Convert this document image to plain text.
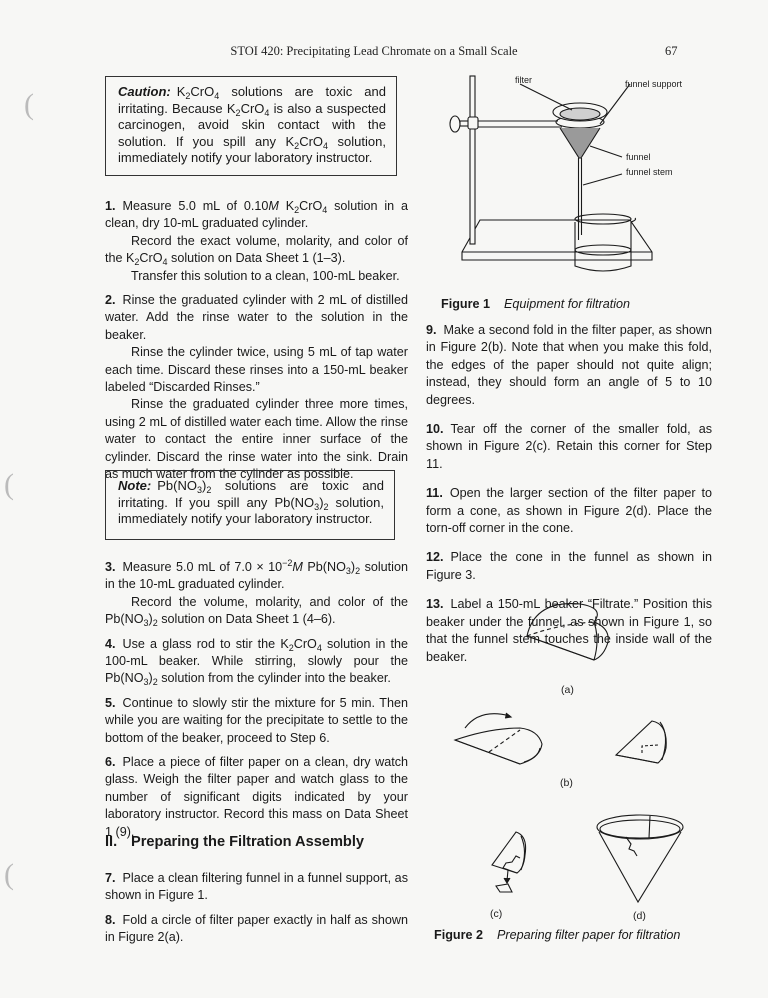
STOI 420: Precipitating Lead Chromate on a Small Scale	67
(
(
(
Caution: $K_2CrO_4$ solutions are toxic and irritating. Because $K_2CrO_4$ is also a suspected carcinogen, avoid skin contact with the solution. If you spill any $K_2CrO_4$ solution, immediately notify your laboratory instructor.

1. Measure 5.0 mL of 0.10M $K_2CrO_4$ solution in a clean, dry 10-mL graduated cylinder.

Record the exact volume, molarity, and color of the $K_2CrO_4$ solution on Data Sheet 1 (1–3).

Transfer this solution to a clean, 100-mL beaker.

2. Rinse the graduated cylinder with 2 mL of distilled water. Add the rinse water to the solution in the beaker.

Rinse the cylinder twice, using 5 mL of tap water each time. Discard these rinses into a 150-mL beaker labeled “Discarded Rinses.”

Rinse the graduated cylinder three more times, using 2 mL of distilled water each time. Allow the rinse water to contact the entire inner surface of the cylinder. Discard the rinse water into the sink. Drain as much water from the cylinder as possible.

Note: $Pb(NO_3)_2$ solutions are toxic and irritating. If you spill any $Pb(NO_3)_2$ solution, immediately notify your laboratory instructor.

3. Measure 5.0 mL of $7.0 \times 10^{-2}M$ $Pb(NO_3)_2$ solution in the 10-mL graduated cylinder.

Record the volume, molarity, and color of the $Pb(NO_3)_2$ solution on Data Sheet 1 (4–6).

4. Use a glass rod to stir the $K_2CrO_4$ solution in the 100-mL beaker. While stirring, slowly pour the $Pb(NO_3)_2$ solution from the cylinder into the beaker.

5. Continue to slowly stir the mixture for 5 min. Then while you are waiting for the precipitate to settle to the bottom of the beaker, proceed to Step 6.

6. Place a piece of filter paper on a clean, dry watch glass. Weigh the filter paper and watch glass to the number of significant digits indicated by your laboratory instructor. Record this mass on Data Sheet 1 (9).

II. Preparing the Filtration Assembly

7. Place a clean filtering funnel in a funnel support, as shown in Figure 1.

8. Fold a circle of filter paper exactly in half as shown in Figure 2(a).

filter	funnel support
funnel
funnel stem
Figure 1 Equipment for filtration

9. Make a second fold in the filter paper, as shown in Figure 2(b). Note that when you make this fold, the edges of the paper should not quite align; instead, they should form an angle of 5 to 10 degrees.

10. Tear off the corner of the smaller fold, as shown in Figure 2(c). Retain this corner for Step 11.

11. Open the larger section of the filter paper to form a cone, as shown in Figure 2(d). Place the torn-off corner in the cone.

12. Place the cone in the funnel as shown in Figure 3.

13. Label a 150-mL beaker “Filtrate.” Position this beaker under the funnel, as shown in Figure 1, so that the funnel stem touches the inside wall of the beaker.

(a)
(b)
(c)	(d)
Figure 2 Preparing filter paper for filtration
